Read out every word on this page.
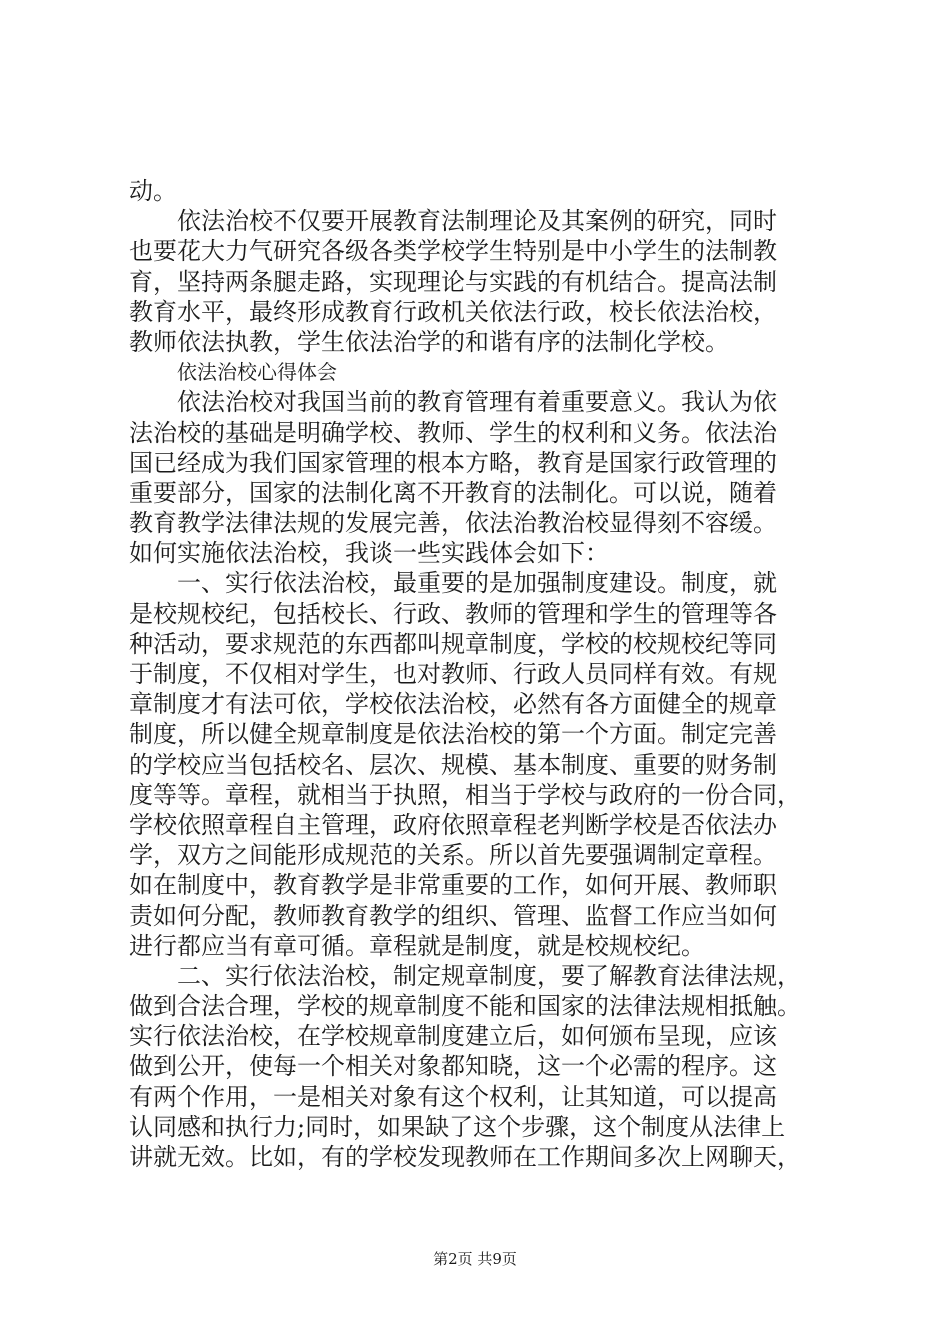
动。
依法治校不仅要开展教育法制理论及其案例的研究，同时
也要花大力气研究各级各类学校学生特别是中小学生的法制教
育，坚持两条腿走路，实现理论与实践的有机结合。提高法制
教育水平，最终形成教育行政机关依法行政，校长依法治校，
教师依法执教，学生依法治学的和谐有序的法制化学校。
依法治校心得体会
依法治校对我国当前的教育管理有着重要意义。我认为依
法治校的基础是明确学校、教师、学生的权利和义务。依法治
国已经成为我们国家管理的根本方略，教育是国家行政管理的
重要部分，国家的法制化离不开教育的法制化。可以说，随着
教育教学法律法规的发展完善，依法治教治校显得刻不容缓。
如何实施依法治校，我谈一些实践体会如下：
一、实行依法治校，最重要的是加强制度建设。制度，就
是校规校纪，包括校长、行政、教师的管理和学生的管理等各
种活动，要求规范的东西都叫规章制度，学校的校规校纪等同
于制度，不仅相对学生，也对教师、行政人员同样有效。有规
章制度才有法可依，学校依法治校，必然有各方面健全的规章
制度，所以健全规章制度是依法治校的第一个方面。制定完善
的学校应当包括校名、层次、规模、基本制度、重要的财务制
度等等。章程，就相当于执照，相当于学校与政府的一份合同，
学校依照章程自主管理，政府依照章程老判断学校是否依法办
学，双方之间能形成规范的关系。所以首先要强调制定章程。
如在制度中，教育教学是非常重要的工作，如何开展、教师职
责如何分配，教师教育教学的组织、管理、监督工作应当如何
进行都应当有章可循。章程就是制度，就是校规校纪。
二、实行依法治校，制定规章制度，要了解教育法律法规，
做到合法合理，学校的规章制度不能和国家的法律法规相抵触。
实行依法治校，在学校规章制度建立后，如何颁布呈现，应该
做到公开，使每一个相关对象都知晓，这一个必需的程序。这
有两个作用，一是相关对象有这个权利，让其知道，可以提高
认同感和执行力;同时，如果缺了这个步骤，这个制度从法律上
讲就无效。比如，有的学校发现教师在工作期间多次上网聊天，
第2页 共9页
